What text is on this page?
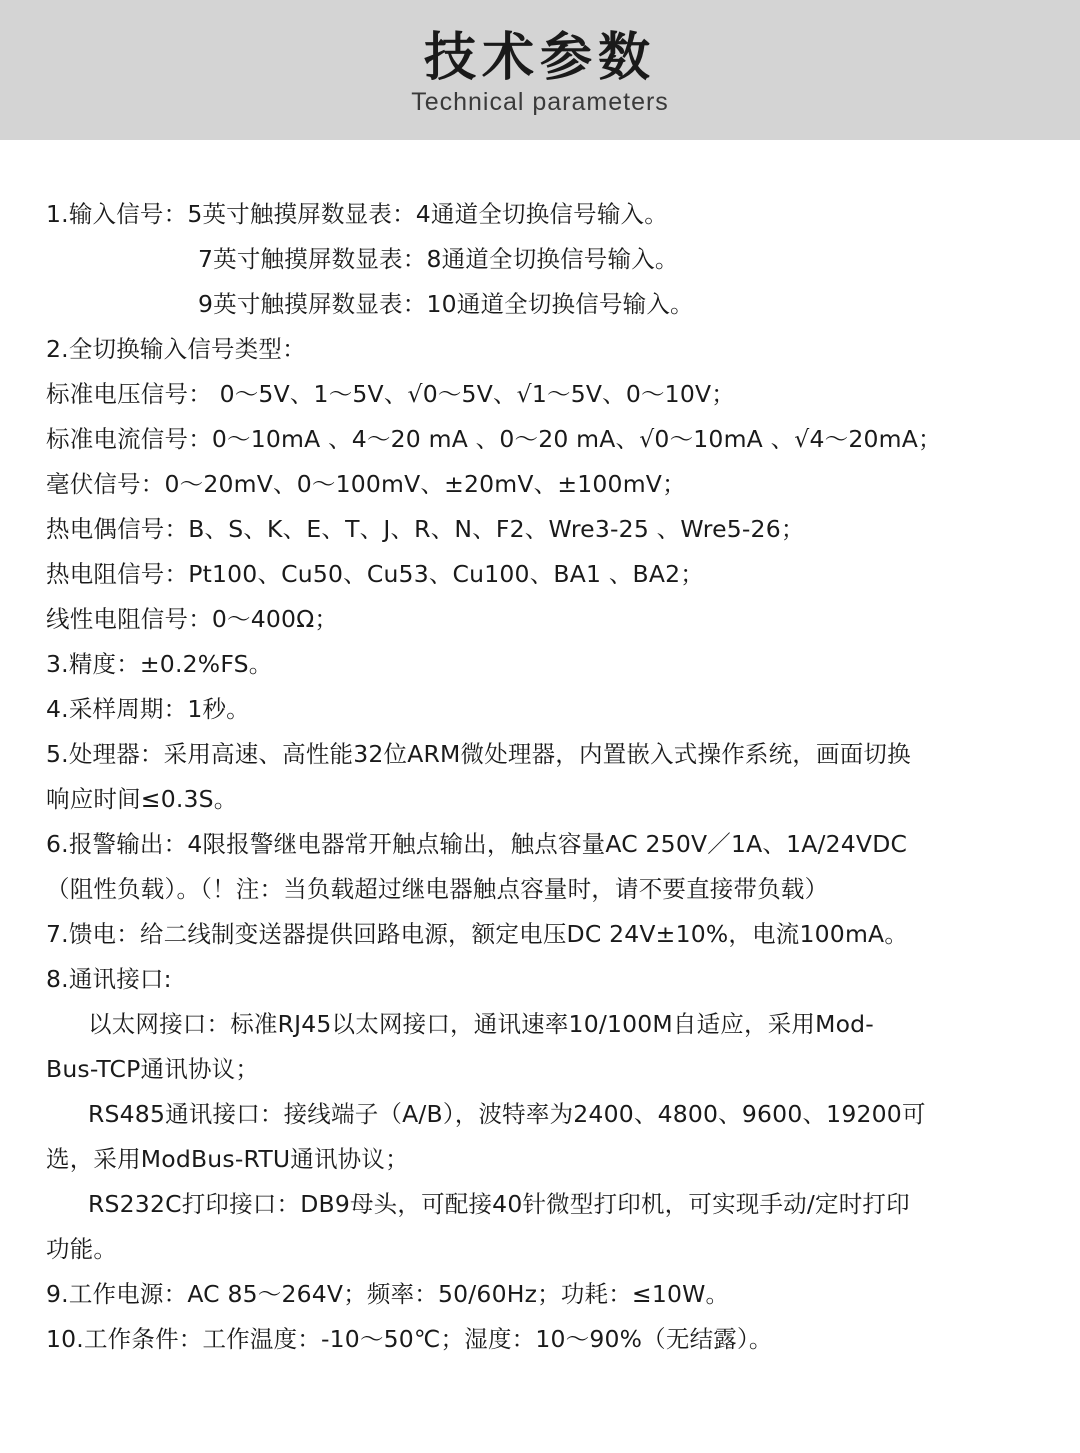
技术参数
Technical parameters
1.输入信号：5英寸触摸屏数显表：4通道全切换信号输入。
7英寸触摸屏数显表：8通道全切换信号输入。
9英寸触摸屏数显表：10通道全切换信号输入。
2.全切换输入信号类型：
标准电压信号： 0～5V、1～5V、√0～5V、√1～5V、0～10V；
标准电流信号：0～10mA 、4～20 mA 、0～20 mA、√0～10mA 、√4～20mA；
毫伏信号：0～20mV、0～100mV、±20mV、±100mV；
热电偶信号：B、S、K、E、T、J、R、N、F2、Wre3-25 、Wre5-26；
热电阻信号：Pt100、Cu50、Cu53、Cu100、BA1 、BA2；
线性电阻信号：0～400Ω；
3.精度：±0.2%FS。
4.采样周期：1秒。
5.处理器：采用高速、高性能32位ARM微处理器，内置嵌入式操作系统，画面切换
响应时间≤0.3S。
6.报警输出：4限报警继电器常开触点输出，触点容量AC 250V／1A、1A/24VDC
（阻性负载）。（！注：当负载超过继电器触点容量时，请不要直接带负载）
7.馈电：给二线制变送器提供回路电源，额定电压DC 24V±10%，电流100mA。
8.通讯接口:
以太网接口：标准RJ45以太网接口，通讯速率10/100M自适应，采用Mod-
Bus-TCP通讯协议；
RS485通讯接口：接线端子（A/B），波特率为2400、4800、9600、19200可
选，采用ModBus-RTU通讯协议；
RS232C打印接口：DB9母头，可配接40针微型打印机，可实现手动/定时打印
功能。
9.工作电源：AC 85～264V；频率：50/60Hz；功耗：≤10W。
10.工作条件：工作温度：-10～50℃；湿度：10～90%（无结露）。
